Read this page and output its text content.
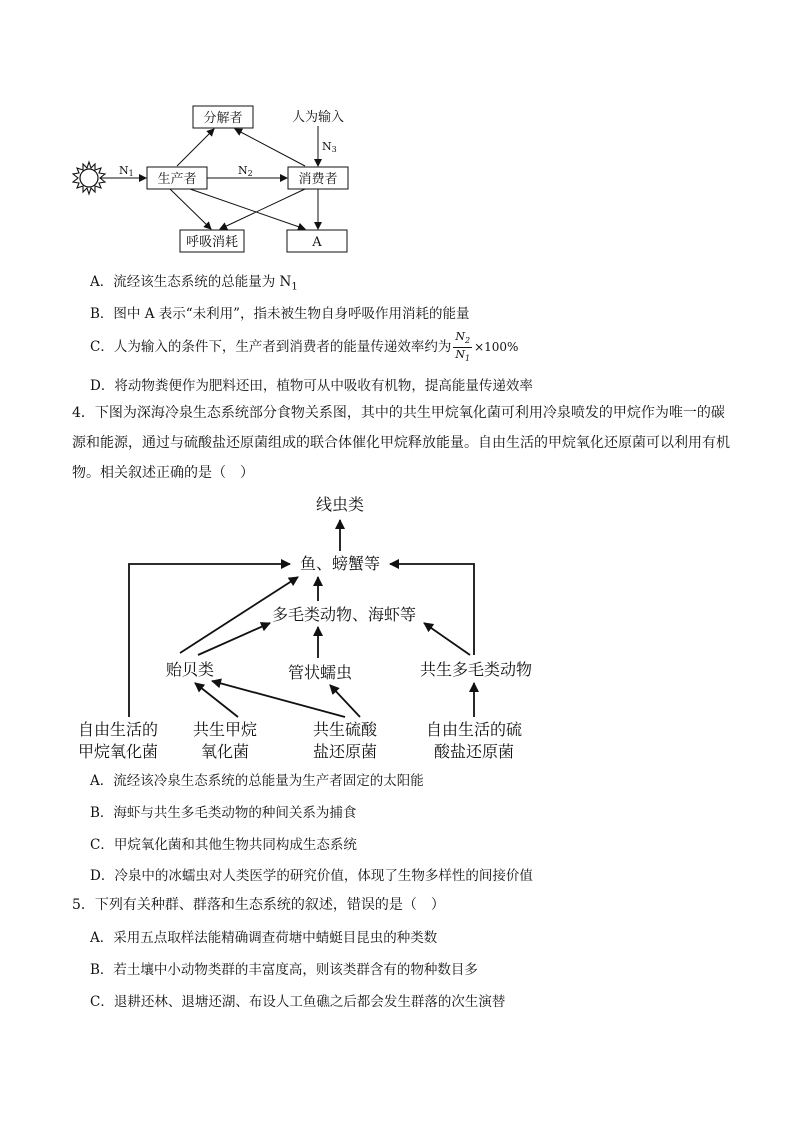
分解者	人为输入
生产者	消费者
呼吸消耗	A
N1	N2
N3
A．流经该生态系统的总能量为 $N_1$
B．图中 A 表示“未利用”，指未被生物自身呼吸作用消耗的能量
C．人为输入的条件下，生产者到消费者的能量传递效率约为 $\frac{N_2}{N_1} \times 100\%$
D．将动物粪便作为肥料还田，植物可从中吸收有机物，提高能量传递效率
4．下图为深海冷泉生态系统部分食物关系图，其中的共生甲烷氧化菌可利用冷泉喷发的甲烷作为唯一的碳源和能源，通过与硫酸盐还原菌组成的联合体催化甲烷释放能量。自由生活的甲烷氧化还原菌可以利用有机物。相关叙述正确的是（　）
线虫类
鱼、螃蟹等
多毛类动物、海虾等
贻贝类	管状蠕虫	共生多毛类动物
自由生活的
甲烷氧化菌
共生甲烷
氧化菌
共生硫酸
盐还原菌
自由生活的硫
酸盐还原菌
A．流经该冷泉生态系统的总能量为生产者固定的太阳能
B．海虾与共生多毛类动物的种间关系为捕食
C．甲烷氧化菌和其他生物共同构成生态系统
D．冷泉中的冰蠕虫对人类医学的研究价值，体现了生物多样性的间接价值
5．下列有关种群、群落和生态系统的叙述，错误的是（　）
A．采用五点取样法能精确调查荷塘中蜻蜓目昆虫的种类数
B．若土壤中小动物类群的丰富度高，则该类群含有的物种数目多
C．退耕还林、退塘还湖、布设人工鱼礁之后都会发生群落的次生演替
